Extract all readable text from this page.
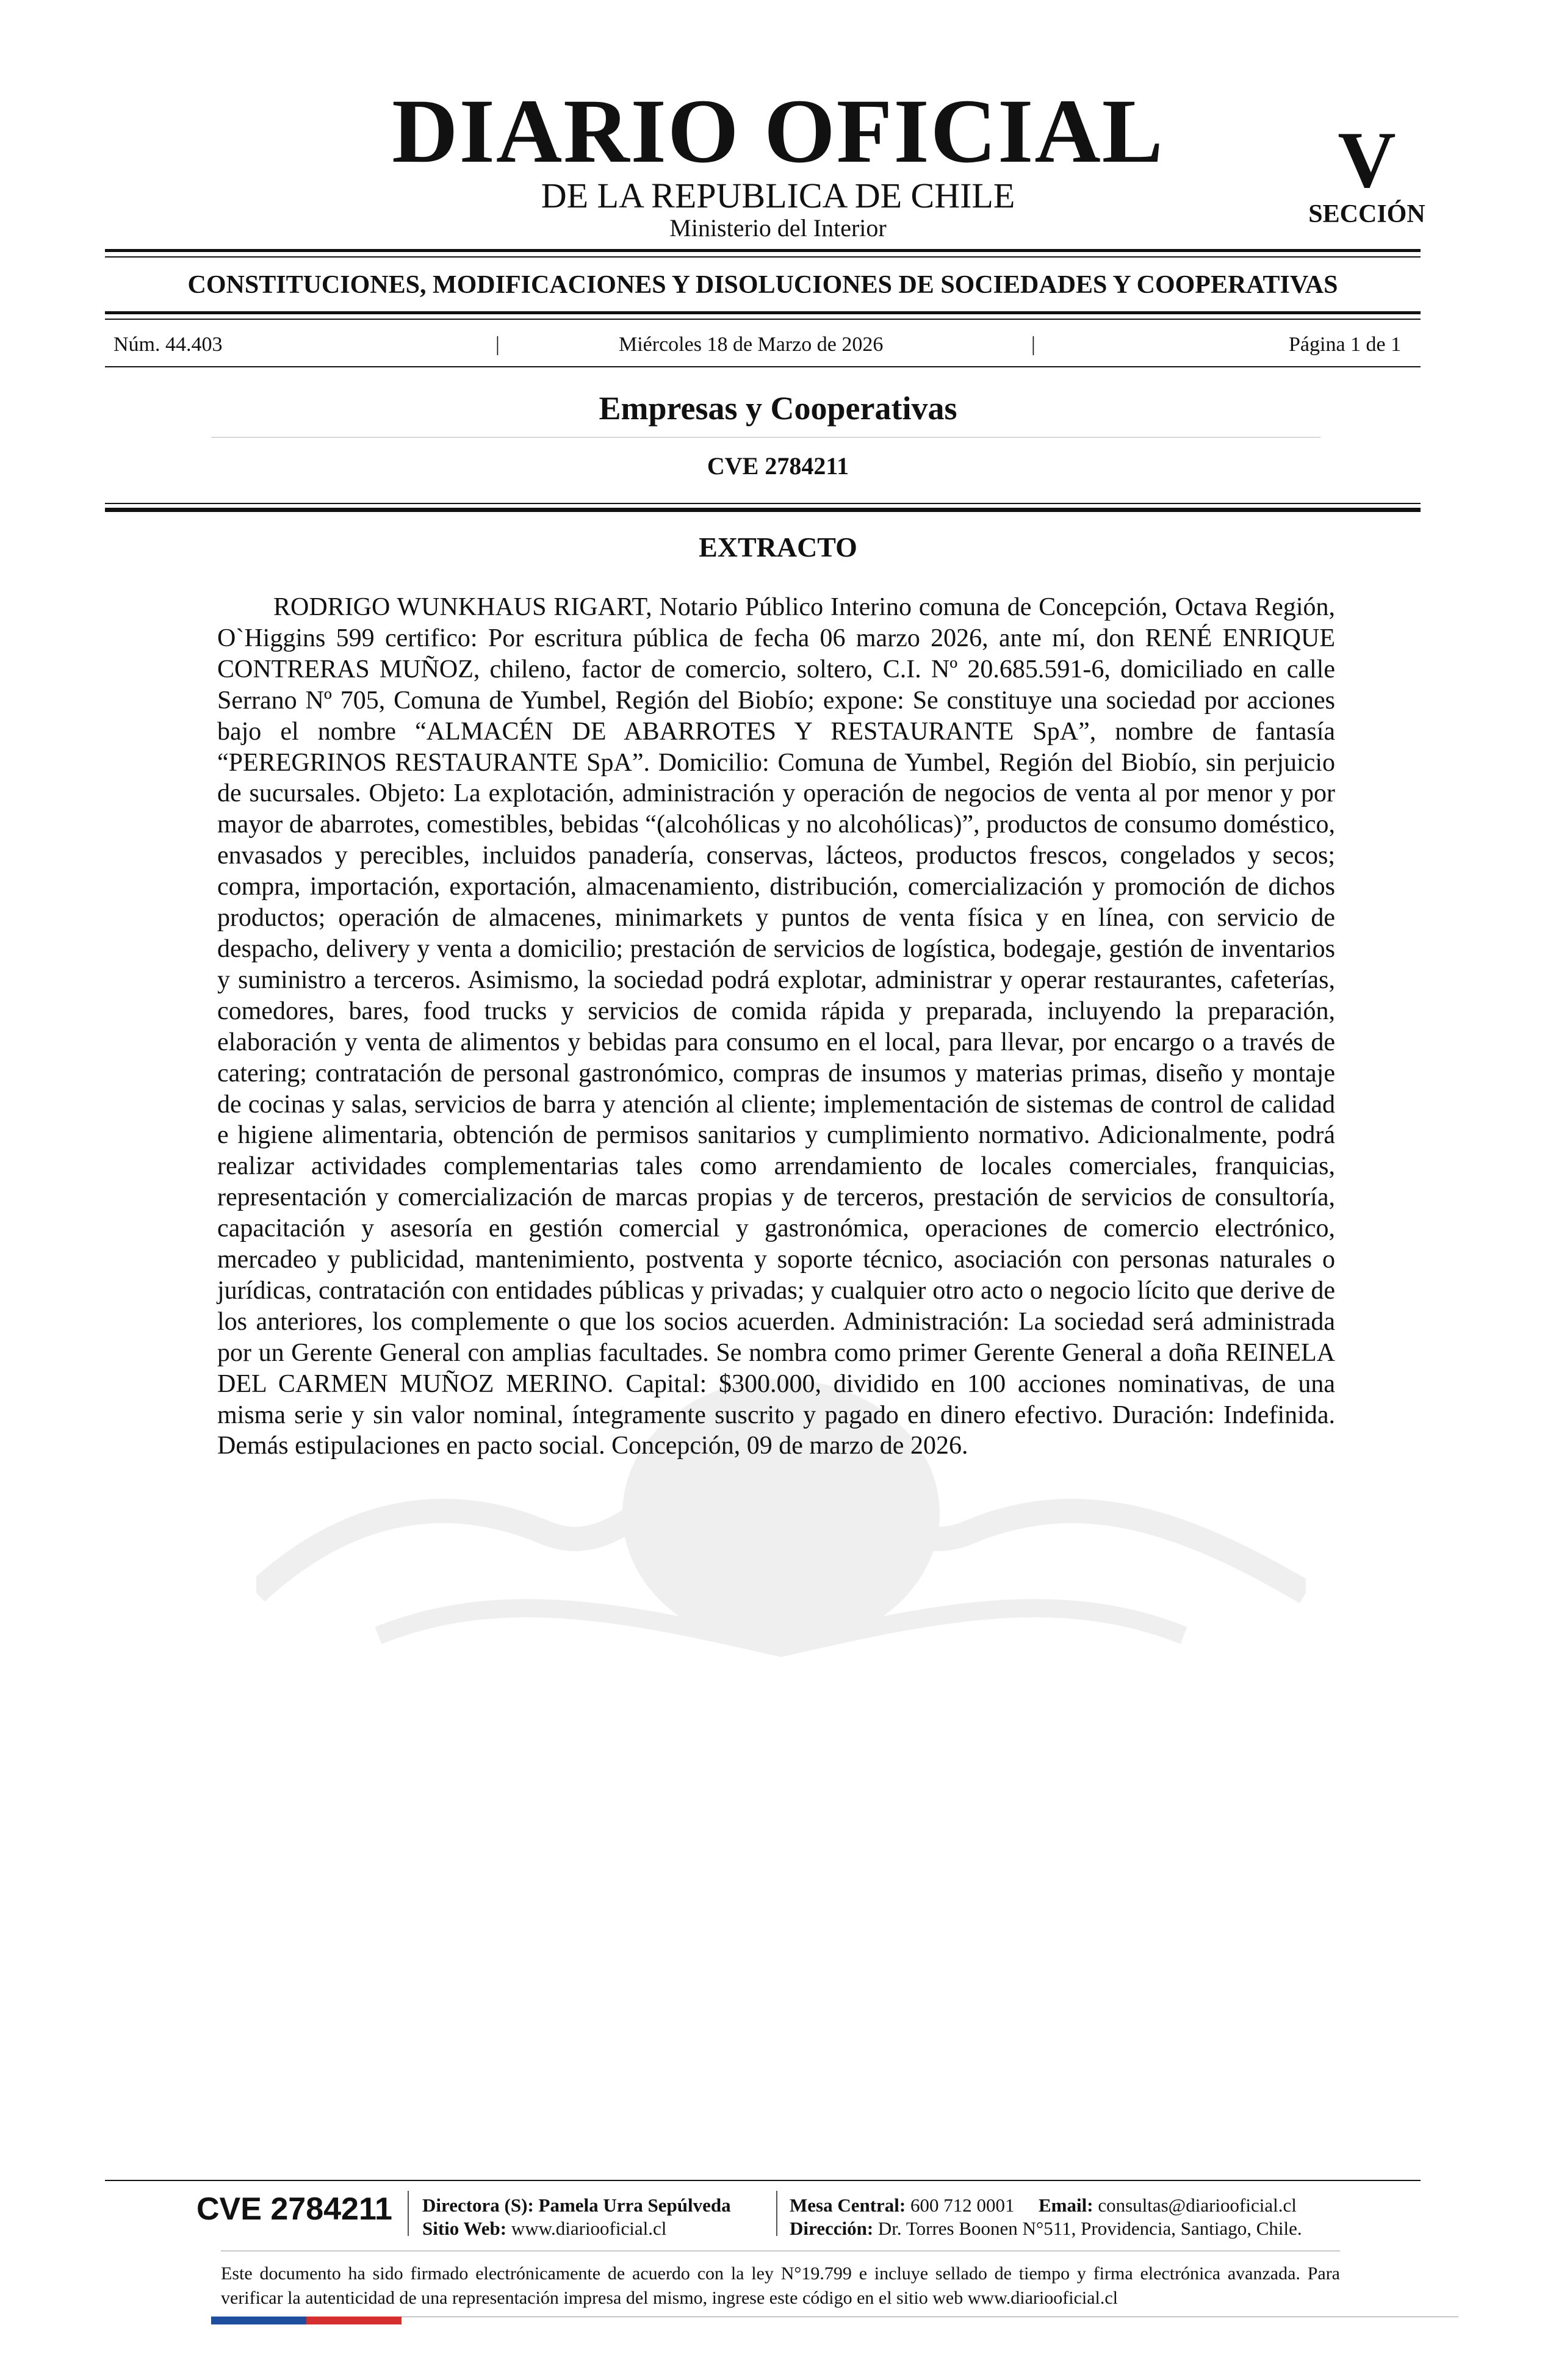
DIARIO OFICIAL
DE LA REPUBLICA DE CHILE
Ministerio del Interior
V
SECCIÓN
CONSTITUCIONES, MODIFICACIONES Y DISOLUCIONES DE SOCIEDADES Y COOPERATIVAS
Núm. 44.403	|	Miércoles 18 de Marzo de 2026	|	Página 1 de 1
Empresas y Cooperativas
CVE 2784211
EXTRACTO
RODRIGO WUNKHAUS RIGART, Notario Público Interino comuna de Concepción, Octava Región, O`Higgins 599 certifico: Por escritura pública de fecha 06 marzo 2026, ante mí, don RENÉ ENRIQUE CONTRERAS MUÑOZ, chileno, factor de comercio, soltero, C.I. Nº 20.685.591-6, domiciliado en calle Serrano Nº 705, Comuna de Yumbel, Región del Biobío; expone: Se constituye una sociedad por acciones bajo el nombre “ALMACÉN DE ABARROTES Y RESTAURANTE SpA”, nombre de fantasía “PEREGRINOS RESTAURANTE SpA”. Domicilio: Comuna de Yumbel, Región del Biobío, sin perjuicio de sucursales. Objeto: La explotación, administración y operación de negocios de venta al por menor y por mayor de abarrotes, comestibles, bebidas “(alcohólicas y no alcohólicas)”, productos de consumo doméstico, envasados y perecibles, incluidos panadería, conservas, lácteos, productos frescos, congelados y secos; compra, importación, exportación, almacenamiento, distribución, comercialización y promoción de dichos productos; operación de almacenes, minimarkets y puntos de venta física y en línea, con servicio de despacho, delivery y venta a domicilio; prestación de servicios de logística, bodegaje, gestión de inventarios y suministro a terceros. Asimismo, la sociedad podrá explotar, administrar y operar restaurantes, cafeterías, comedores, bares, food trucks y servicios de comida rápida y preparada, incluyendo la preparación, elaboración y venta de alimentos y bebidas para consumo en el local, para llevar, por encargo o a través de catering; contratación de personal gastronómico, compras de insumos y materias primas, diseño y montaje de cocinas y salas, servicios de barra y atención al cliente; implementación de sistemas de control de calidad e higiene alimentaria, obtención de permisos sanitarios y cumplimiento normativo. Adicionalmente, podrá realizar actividades complementarias tales como arrendamiento de locales comerciales, franquicias, representación y comercialización de marcas propias y de terceros, prestación de servicios de consultoría, capacitación y asesoría en gestión comercial y gastronómica, operaciones de comercio electrónico, mercadeo y publicidad, mantenimiento, postventa y soporte técnico, asociación con personas naturales o jurídicas, contratación con entidades públicas y privadas; y cualquier otro acto o negocio lícito que derive de los anteriores, los complemente o que los socios acuerden. Administración: La sociedad será administrada por un Gerente General con amplias facultades. Se nombra como primer Gerente General a doña REINELA DEL CARMEN MUÑOZ MERINO. Capital: $300.000, dividido en 100 acciones nominativas, de una misma serie y sin valor nominal, íntegramente suscrito y pagado en dinero efectivo. Duración: Indefinida. Demás estipulaciones en pacto social. Concepción, 09 de marzo de 2026.
CVE 2784211 Directora (S): Pamela Urra Sepúlveda
Sitio Web: www.diariooficial.cl
Mesa Central: 600 712 0001 Email: consultas@diariooficial.cl
Dirección: Dr. Torres Boonen N°511, Providencia, Santiago, Chile.
Este documento ha sido firmado electrónicamente de acuerdo con la ley N°19.799 e incluye sellado de tiempo y firma electrónica avanzada. Para verificar la autenticidad de una representación impresa del mismo, ingrese este código en el sitio web www.diariooficial.cl
